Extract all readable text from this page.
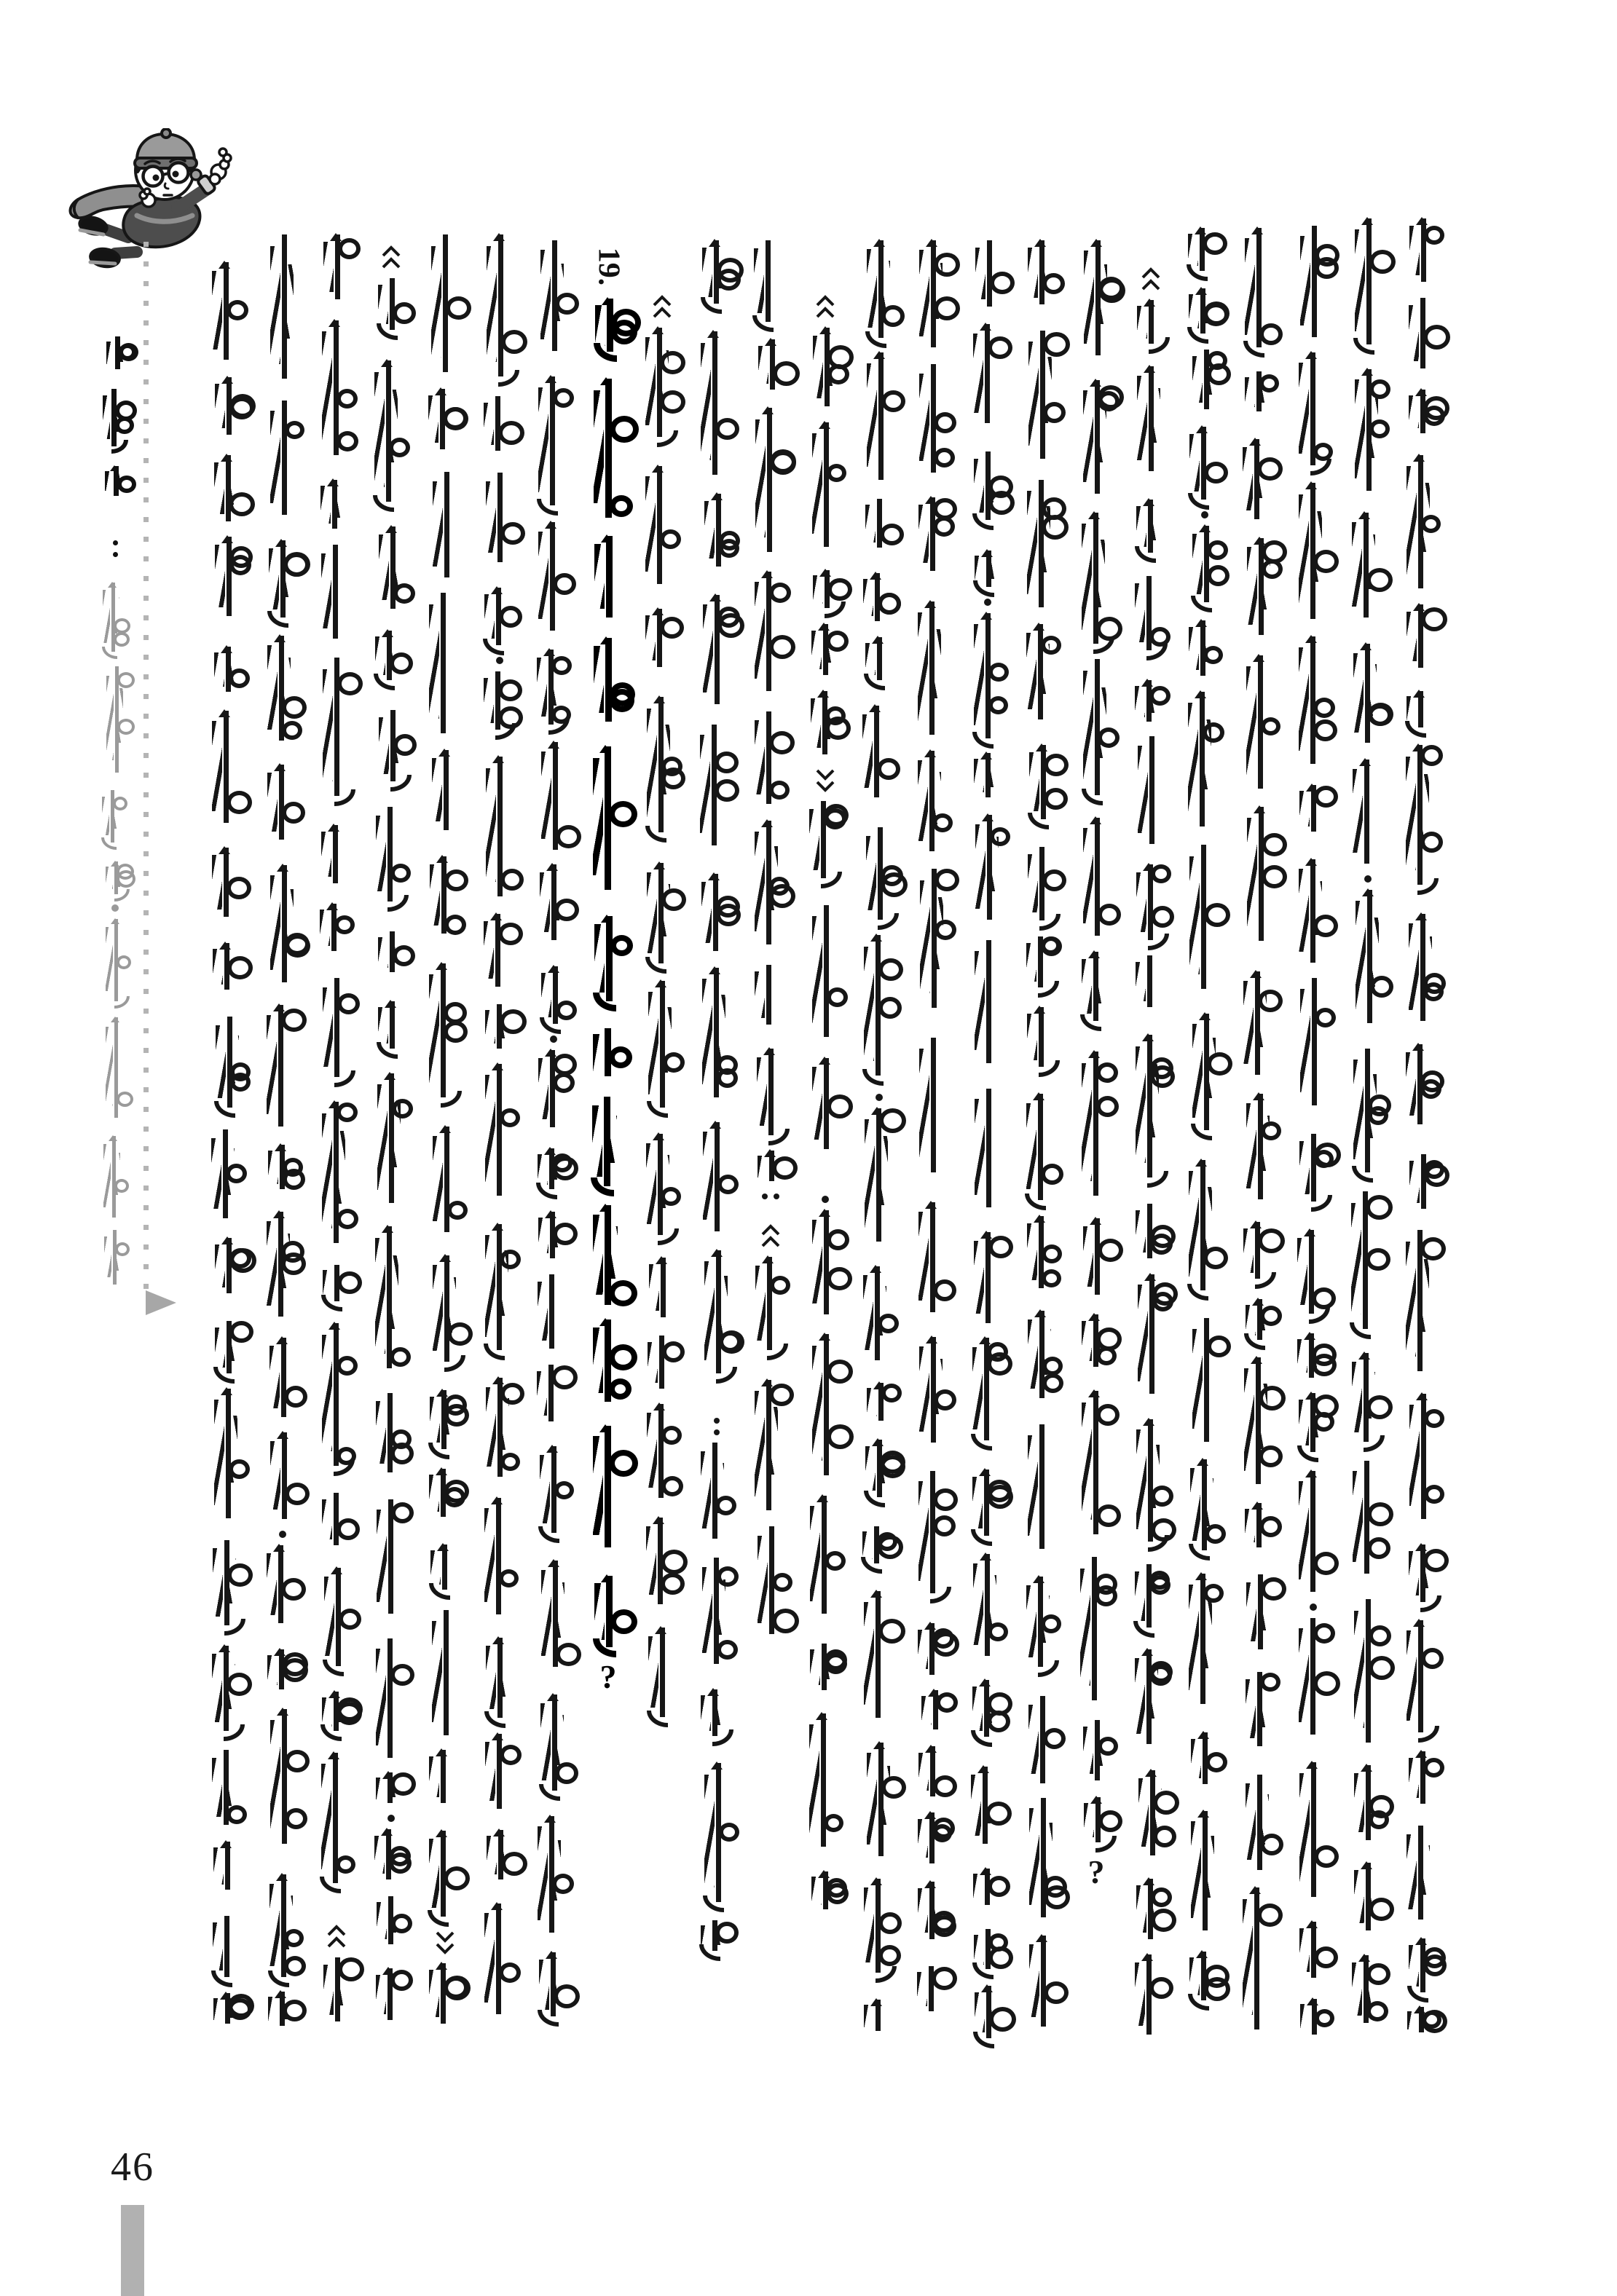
19.
?
?
46
